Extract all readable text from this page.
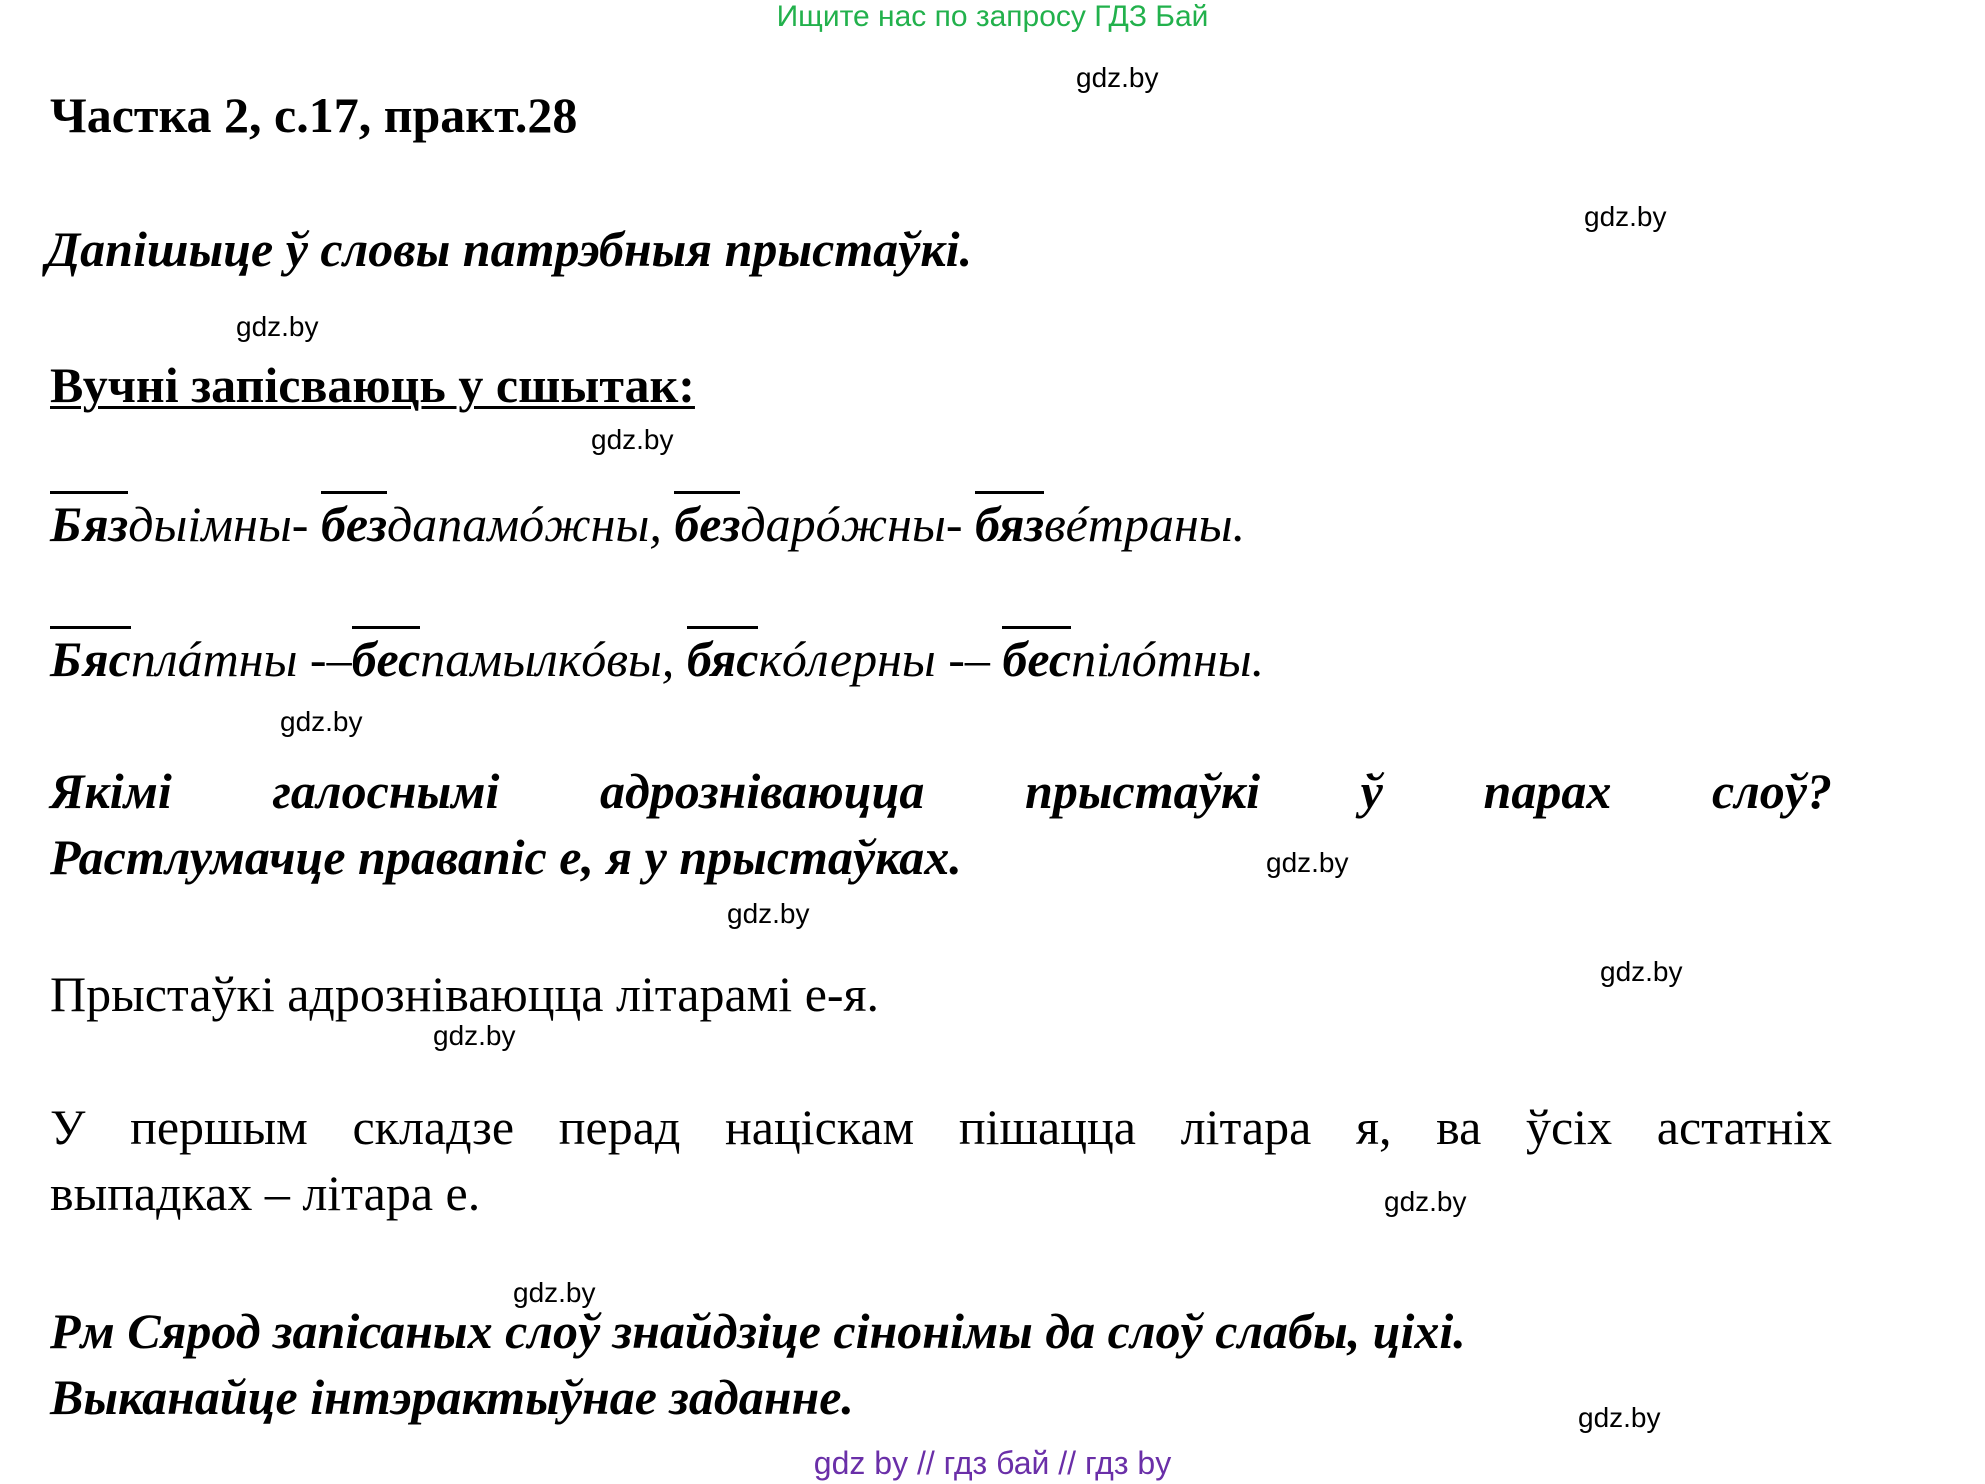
Ищите нас по запросу ГДЗ Бай
Частка 2, с.17, практ.28
Дапішыце ў словы патрэбныя прыстаўкі.
Вучні запісваюць у сшытак:
Бяздыімны- бездапамóжны, бездарóжны- бязвéтраны.
Бясплáтны -–беспамылкóвы, бяскóлерны -– беспілóтны.
Якімі галоснымі адрозніваюцца прыстаўкі ў парах слоў?
Растлумачце правапіс е, я у прыстаўках.
Прыстаўкі адрозніваюцца літарамі е-я.
У першым складзе перад націскам пішацца літара я, ва ўсіх астатніх
выпадках – літара е.
Рм Сярод запісаных слоў знайдзіце сінонімы да слоў слабы, ціхі.
Выканайце інтэрактыўнае заданне.
gdz.by
gdz.by
gdz.by
gdz.by
gdz.by
gdz.by
gdz.by
gdz.by
gdz.by
gdz.by
gdz.by
gdz.by
gdz by // гдз бай // гдз by
